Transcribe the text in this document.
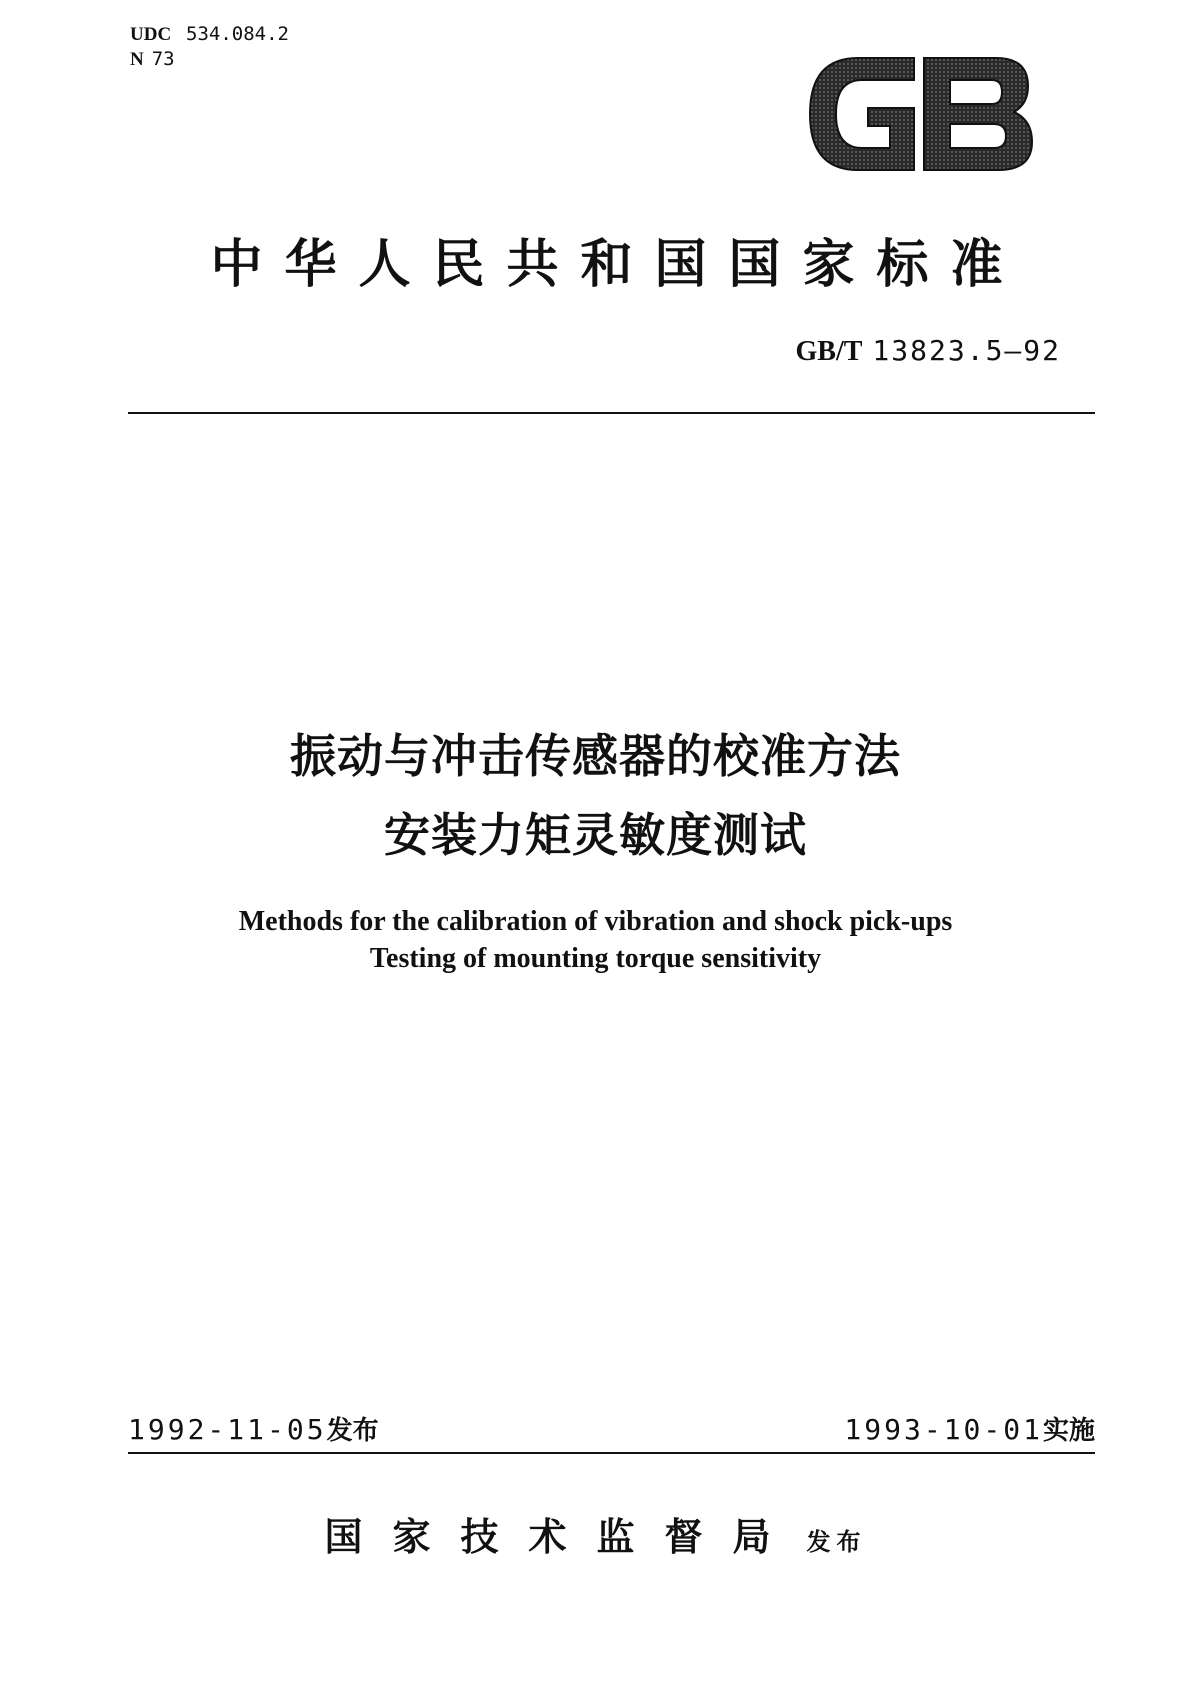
UDC 534.084.2
N 73
中华人民共和国国家标准
GB/T 13823.5—92
振动与冲击传感器的校准方法
安装力矩灵敏度测试
Methods for the calibration of vibration and shock pick-ups
Testing of mounting torque sensitivity
1992-11-05发布	1993-10-01实施
国家技术监督局 发布
